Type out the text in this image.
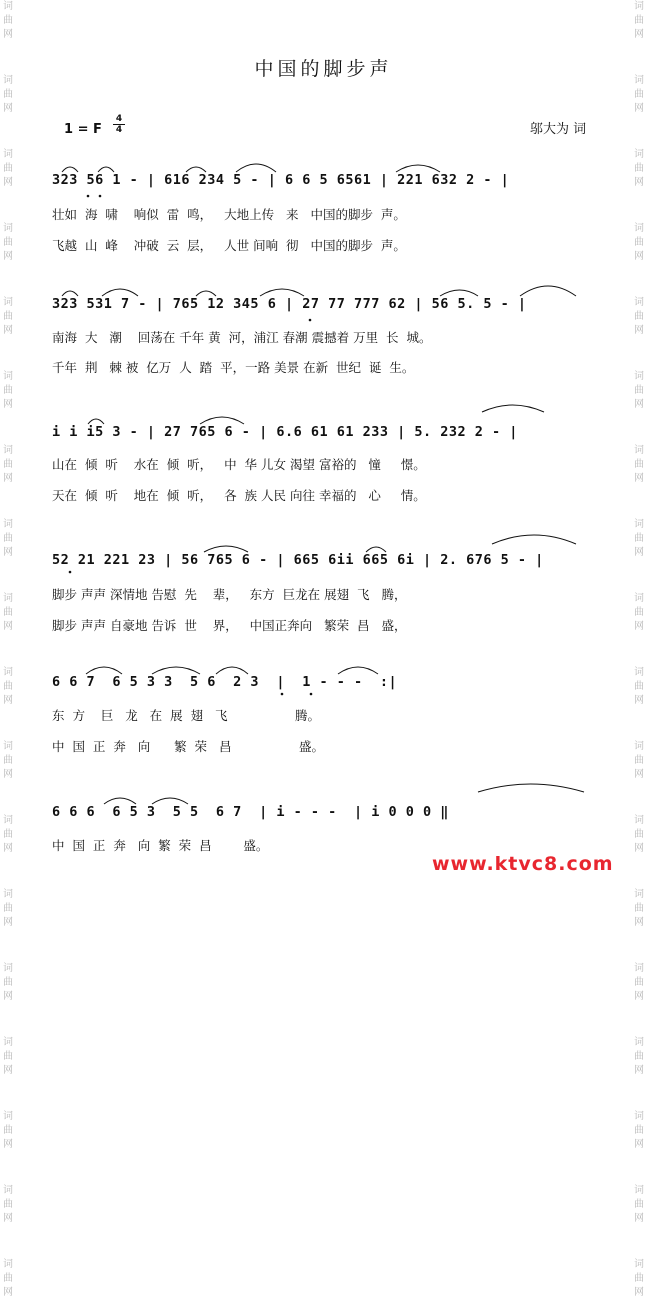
词
曲
网
词
曲
网
词
曲
网
词
曲
网
词
曲
网
词
曲
网
词
曲
网
词
曲
网
词
曲
网
词
曲
网
词
曲
网
词
曲
网
词
曲
网
词
曲
网
词
曲
网
词
曲
网
词
曲
网
词
曲
网
词
曲
网
词
曲
网
词
曲
网
词
曲
网
词
曲
网
词
曲
网
词
曲
网
词
曲
网
词
曲
网
词
曲
网
词
曲
网
词
曲
网
词
曲
网
词
曲
网
词
曲
网
词
曲
网
词
曲
网
词
曲
网
中国的脚步声
1 = F
4
4	邬大为 词
323 56 1 - | 616 234 5 - | 6 6 5 6561 | 221 632 2 - |
壮如  海  啸    响似  雷  鸣，   大地上传   来   中国的脚步  声。
飞越  山  峰    冲破  云  层，   人世 间响  彻   中国的脚步  声。
323 531 7 - | 765 12 345 6 | 27 77 777 62 | 56 5. 5 - |
南海  大   潮    回荡在 千年 黄  河，浦江 春潮 震撼着 万里  长  城。
千年  荆   棘 被  亿万  人  踏  平，一路 美景 在新  世纪  诞  生。
i i i5 3 - | 27 765 6 - | 6.6 61 61 233 | 5. 232 2 - |
山在  倾  听    水在  倾  听，   中  华 儿女 渴望 富裕的   憧     憬。
天在  倾  听    地在  倾  听，   各  族 人民 向往 幸福的   心     情。
52 21 221 23 | 56 765 6 - | 665 6ii 665 6i | 2. 676 5 - |
脚步 声声 深情地 告慰  先    辈，   东方  巨龙在 展翅  飞   腾，
脚步 声声 自豪地 告诉  世    界，   中国正奔向   繁荣  昌   盛，
6 6 7  6 5 3 3  5 6  2 3  |  1 - - -  :|
东  方    巨   龙   在  展  翅   飞                 腾。
中  国  正  奔   向      繁  荣   昌                 盛。
6 6 6  6 5 3  5 5  6 7  | i - - -  | i 0 0 0 ‖
中  国  正  奔   向  繁  荣  昌        盛。
www.ktvc8.com
